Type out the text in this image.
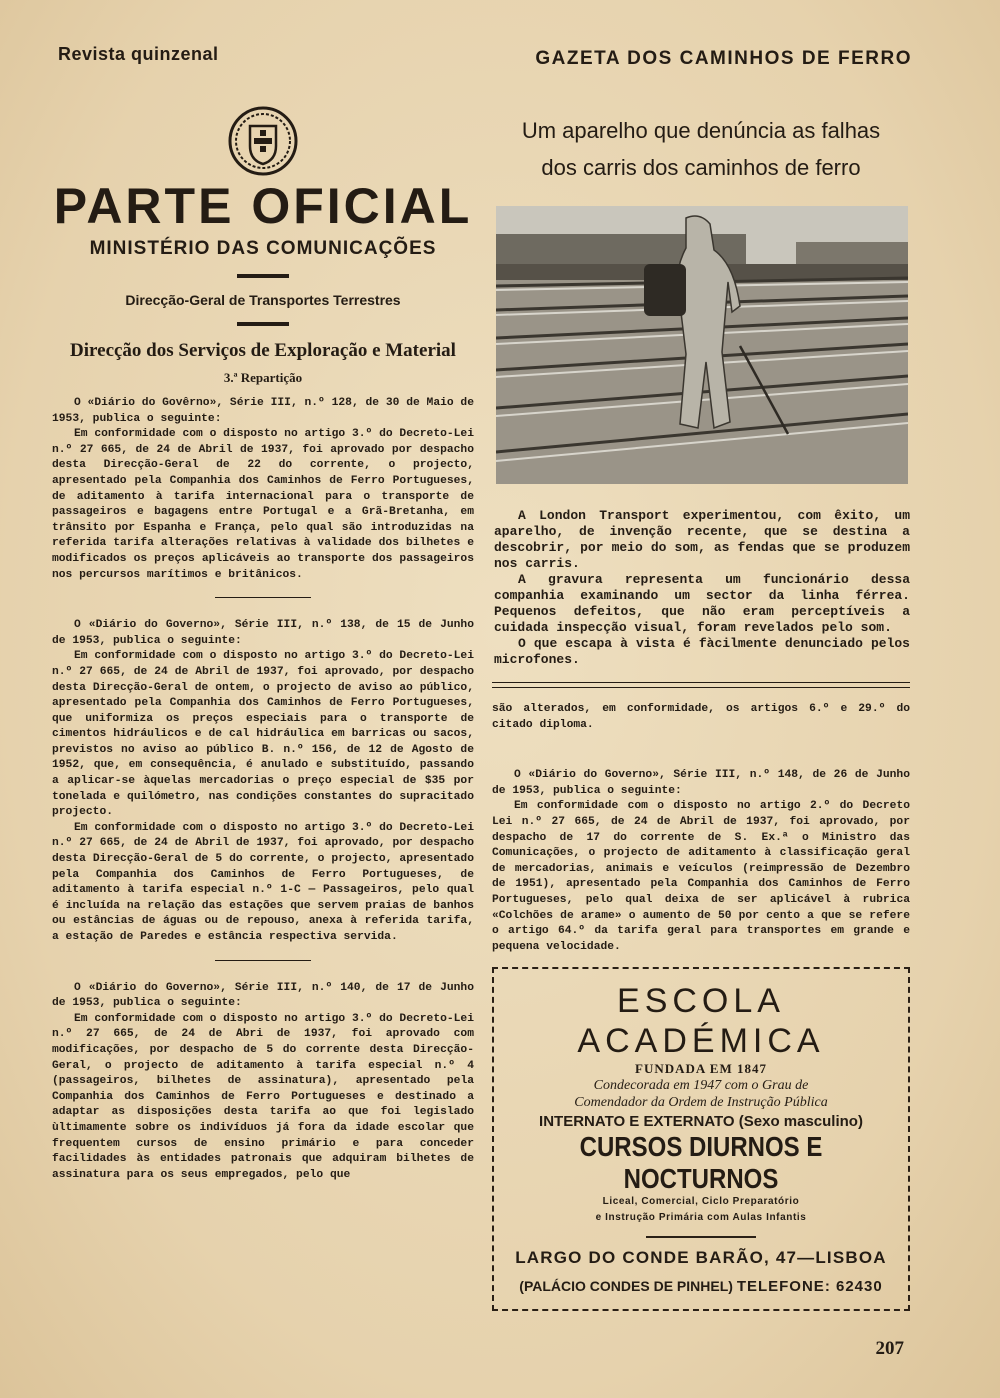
Revista quinzenal	GAZETA DOS CAMINHOS DE FERRO
PARTE OFICIAL
MINISTÉRIO DAS COMUNICAÇÕES
Direcção-Geral de Transportes Terrestres
Direcção dos Serviços de Exploração e Material
3.ª Repartição

O «Diário do Govêrno», Série III, n.º 128, de 30 de Maio de 1953, publica o seguinte:

Em conformidade com o disposto no artigo 3.º do Decreto-Lei n.º 27 665, de 24 de Abril de 1937, foi aprovado por despacho desta Direcção-Geral de 22 do corrente, o projecto, apresentado pela Companhia dos Caminhos de Ferro Portugueses, de aditamento à tarifa internacional para o transporte de passageiros e bagagens entre Portugal e a Grã-Bretanha, em trânsito por Espanha e França, pelo qual são introduzidas na referida tarifa alterações relativas à validade dos bilhetes e modificados os preços aplicáveis ao transporte dos passageiros nos percursos marítimos e britânicos.

O «Diário do Governo», Série III, n.º 138, de 15 de Junho de 1953, publica o seguinte:

Em conformidade com o disposto no artigo 3.º do Decreto-Lei n.º 27 665, de 24 de Abril de 1937, foi aprovado, por despacho desta Direcção-Geral de ontem, o projecto de aviso ao público, apresentado pela Companhia dos Caminhos de Ferro Portugueses, que uniformiza os preços especiais para o transporte de cimentos hidráulicos e de cal hidráulica em barricas ou sacos, previstos no aviso ao público B. n.º 156, de 12 de Agosto de 1952, que, em consequência, é anulado e substituído, passando a aplicar-se àquelas mercadorias o preço especial de $35 por tonelada e quilómetro, nas condições constantes do supracitado projecto.

Em conformidade com o disposto no artigo 3.º do Decreto-Lei n.º 27 665, de 24 de Abril de 1937, foi aprovado, por despacho desta Direcção-Geral de 5 do corrente, o projecto, apresentado pela Companhia dos Caminhos de Ferro Portugueses, de aditamento à tarifa especial n.º 1-C — Passageiros, pelo qual é incluída na relação das estações que servem praias de banhos ou estâncias de águas ou de repouso, anexa à referida tarifa, a estação de Paredes e estância respectiva servida.

O «Diário do Governo», Série III, n.º 140, de 17 de Junho de 1953, publica o seguinte:

Em conformidade com o disposto no artigo 3.º do Decreto-Lei n.º 27 665, de 24 de Abri de 1937, foi aprovado com modificações, por despacho de 5 do corrente desta Direcção-Geral, o projecto de aditamento à tarifa especial n.º 4 (passageiros, bilhetes de assinatura), apresentado pela Companhia dos Caminhos de Ferro Portugueses e destinado a adaptar as disposições desta tarifa ao que foi legislado ùltimamente sobre os indivíduos já fora da idade escolar que frequentem cursos de ensino primário e para conceder facilidades às entidades patronais que adquiram bilhetes de assinatura para os seus empregados, pelo que

Um aparelho que denúncia as falhas
dos carris dos caminhos de ferro

A London Transport experimentou, com êxito, um aparelho, de invenção recente, que se destina a descobrir, por meio do som, as fendas que se produzem nos carris.

A gravura representa um funcionário dessa companhia examinando um sector da linha férrea. Pequenos defeitos, que não eram perceptíveis a cuidada inspecção visual, foram revelados pelo som.

O que escapa à vista é fàcilmente denunciado pelos microfones.

são alterados, em conformidade, os artigos 6.º e 29.º do citado diploma.

O «Diário do Governo», Série III, n.º 148, de 26 de Junho de 1953, publica o seguinte:

Em conformidade com o disposto no artigo 2.º do Decreto Lei n.º 27 665, de 24 de Abril de 1937, foi aprovado, por despacho de 17 do corrente de S. Ex.ª o Ministro das Comunicações, o projecto de aditamento à classificação geral de mercadorias, animais e veículos (reimpressão de Dezembro de 1951), apresentado pela Companhia dos Caminhos de Ferro Portugueses, pelo qual deixa de ser aplicável à rubrica «Colchões de arame» o aumento de 50 por cento a que se refere o artigo 64.º da tarifa geral para transportes em grande e pequena velocidade.

ESCOLA ACADÉMICA
FUNDADA EM 1847
Condecorada em 1947 com o Grau de
Comendador da Ordem de Instrução Pública
INTERNATO E EXTERNATO (Sexo masculino)
CURSOS DIURNOS E NOCTURNOS
Liceal, Comercial, Ciclo Preparatório
e Instrução Primária com Aulas Infantis
LARGO DO CONDE BARÃO, 47—LISBOA
(PALÁCIO CONDES DE PINHEL) TELEFONE: 62430
207
